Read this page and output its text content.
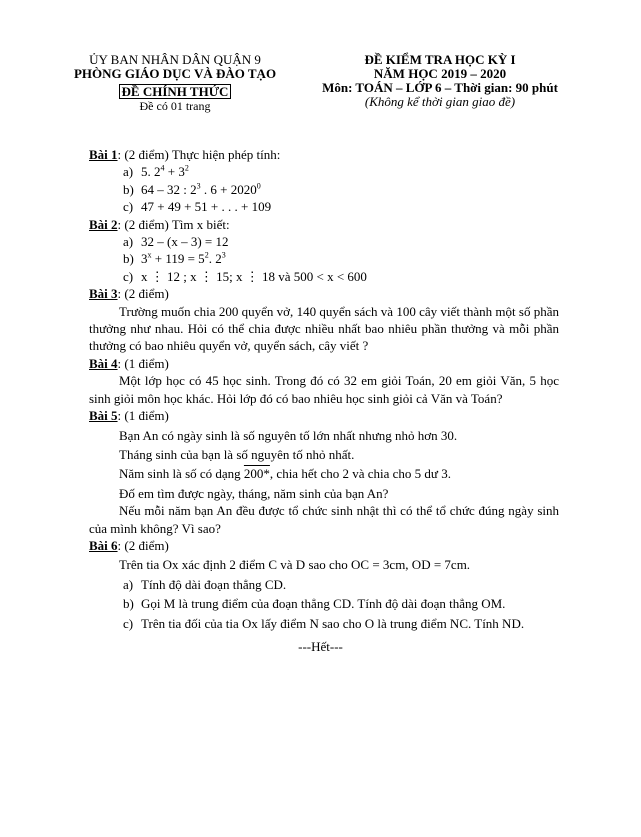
ỦY BAN NHÂN DÂN QUẬN 9
PHÒNG GIÁO DỤC VÀ ĐÀO TẠO
ĐỀ CHÍNH THỨC
Đề có 01 trang
ĐỀ KIỂM TRA HỌC KỲ I
NĂM HỌC 2019 – 2020
Môn: TOÁN – LỚP 6 – Thời gian: 90 phút
(Không kể thời gian giao đề)

Bài 1: (2 điểm) Thực hiện phép tính:

a) 5. $2^4 + 3^2$

b) 64 – 32 : $2^3$ . $6 + 2020^0$

c) 47 + 49 + 51 + . . . + 109

Bài 2: (2 điểm) Tìm x biết:

a) 32 – (x – 3) = 12

b) $3^x + 119 = 5^2$. $2^3$

c) x ⋮ 12 ; x ⋮ 15; x ⋮ 18 và 500 < x < 600

Bài 3: (2 điểm)

Trường muốn chia 200 quyển vở, 140 quyển sách và 100 cây viết thành một số phần thưởng như nhau. Hỏi có thể chia được nhiều nhất bao nhiêu phần thưởng và mỗi phần thưởng có bao nhiêu quyển vở, quyển sách, cây viết ?

Bài 4: (1 điểm)

Một lớp học có 45 học sinh. Trong đó có 32 em giỏi Toán, 20 em giỏi Văn, 5 học sinh giỏi môn học khác. Hỏi lớp đó có bao nhiêu học sinh giỏi cả Văn và Toán?

Bài 5: (1 điểm)

Bạn An có ngày sinh là số nguyên tố lớn nhất nhưng nhỏ hơn 30.

Tháng sinh của bạn là số nguyên tố nhỏ nhất.

Năm sinh là số có dạng 200*, chia hết cho 2 và chia cho 5 dư 3.

Đố em tìm được ngày, tháng, năm sinh của bạn An?

Nếu mỗi năm bạn An đều được tổ chức sinh nhật thì có thể tổ chức đúng ngày sinh của mình không? Vì sao?

Bài 6: (2 điểm)

Trên tia Ox xác định 2 điểm C và D sao cho OC = 3cm, OD = 7cm.

a) Tính độ dài đoạn thẳng CD.

b) Gọi M là trung điểm của đoạn thẳng CD. Tính độ dài đoạn thẳng OM.

c) Trên tia đối của tia Ox lấy điểm N sao cho O là trung điểm NC. Tính ND.

---Hết---
